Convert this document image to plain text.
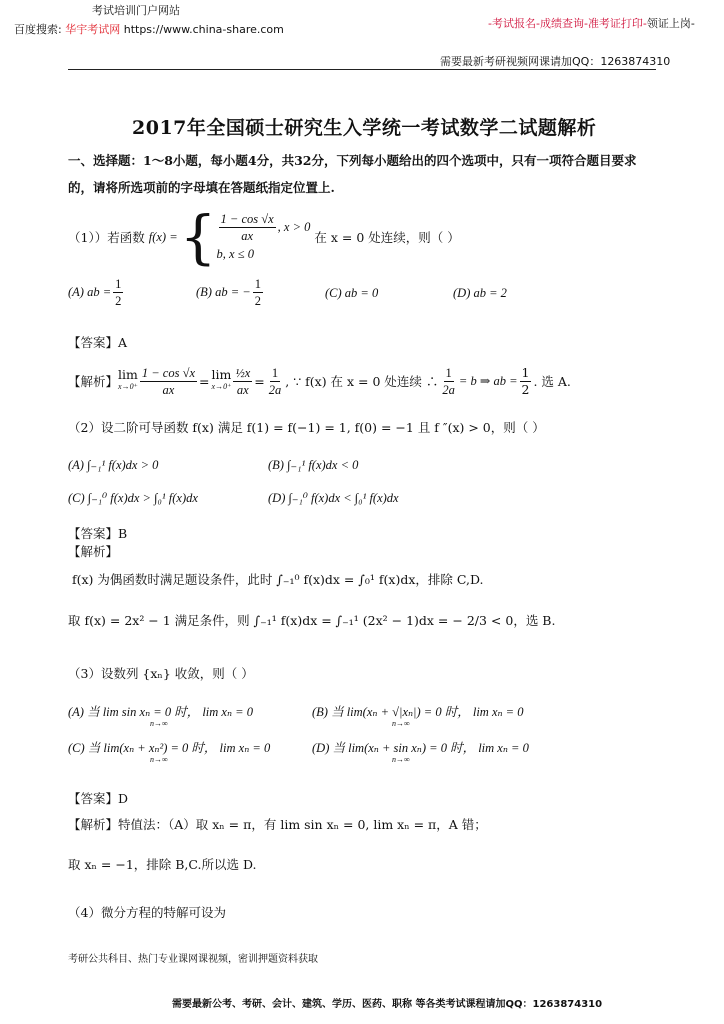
考试培训门户网站
百度搜索: 华宇考试网 https://www.china-share.com	-考试报名-成绩查询-准考证打印-领证上岗-
需要最新考研视频网课请加QQ：1263874310
2017年全国硕士研究生入学统一考试数学二试题解析
一、选择题：1～8小题，每小题4分，共32分，下列每小题给出的四个选项中，只有一项符合题目要求
的，请将所选项前的字母填在答题纸指定位置上.
（1））若函数 f(x) = { $\frac{1 - \cos √x}{ax}$ , x > 0
b, x ≤ 0
在 x = 0 处连续，则（ ）
(A) ab = $\frac{1}{2}$	(B) ab = − $\frac{1}{2}$	(C) ab = 0	(D) ab = 2
【答案】A
【解析】 lim
$x\to 0^+ \frac{1 - \cos √x}{ax} = \lim$
$x\to 0^+ \frac{\text{½x}}{ax} = \frac{1}{2a}$ , ∵ f(x) 在 x = 0 处连续 ∴ $\frac{1}{2a} = b$ ⇒ ab = $\frac{1}{2}$ . 选 A.
（2）设二阶可导函数 f(x) 满足 f(1) = f(−1) = 1, f(0) = −1 且 f ″(x) > 0，则（ ）
(A) ∫₋₁¹ f(x)dx > 0	(B) ∫₋₁¹ f(x)dx < 0
(C) ∫₋₁⁰ f(x)dx > ∫₀¹ f(x)dx	(D) ∫₋₁⁰ f(x)dx < ∫₀¹ f(x)dx
【答案】B
【解析】
f(x) 为偶函数时满足题设条件，此时 ∫₋₁⁰ f(x)dx = ∫₀¹ f(x)dx，排除 C,D.
取 f(x) = 2x² − 1 满足条件，则 ∫₋₁¹ f(x)dx = ∫₋₁¹ (2x² − 1)dx = − 2/3 < 0，选 B.
（3）设数列 {xₙ} 收敛，则（ ）
(A) 当 lim sin xₙ = 0 时， lim xₙ = 0	(B) 当 lim(xₙ + √|xₙ|) = 0 时， lim xₙ = 0
(C) 当 lim(xₙ + xₙ²) = 0 时， lim xₙ = 0	(D) 当 lim(xₙ + sin xₙ) = 0 时， lim xₙ = 0
n→∞	n→∞
n→∞	n→∞
【答案】D
【解析】特值法：（A）取 xₙ = π，有 lim sin xₙ = 0, lim xₙ = π，A 错；
取 xₙ = −1，排除 B,C.所以选 D.
（4）微分方程的特解可设为
考研公共科目、热门专业课网课视频，密训押题资料获取
需要最新公考、考研、会计、建筑、学历、医药、职称 等各类考试课程请加QQ：1263874310
